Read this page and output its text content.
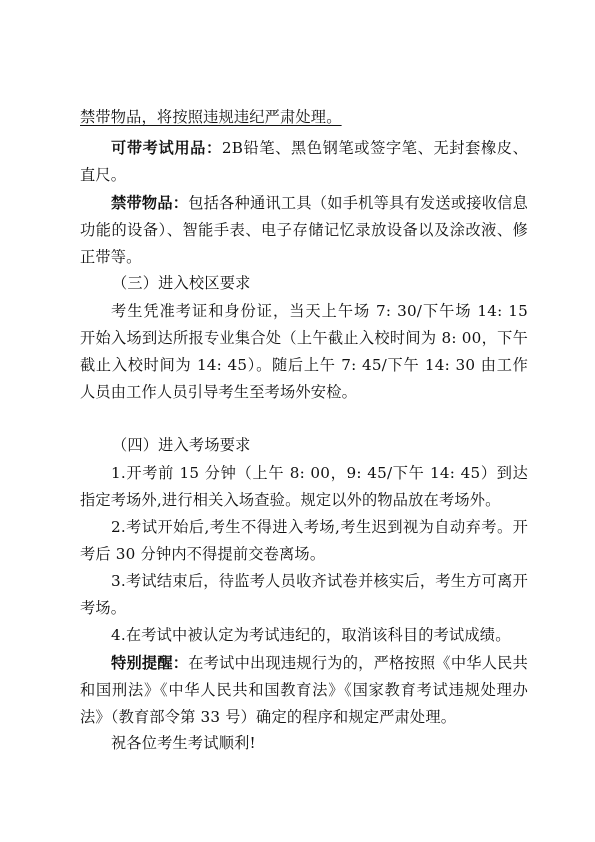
禁带物品，将按照违规违纪严肃处理。

可带考试用品：2B铅笔、黑色钢笔或签字笔、无封套橡皮、直尺。

禁带物品：包括各种通讯工具（如手机等具有发送或接收信息功能的设备）、智能手表、电子存储记忆录放设备以及涂改液、修正带等。

（三）进入校区要求

考生凭准考证和身份证，当天上午场 7: 30/下午场 14: 15 开始入场到达所报专业集合处（上午截止入校时间为 8: 00，下午截止入校时间为 14: 45）。随后上午 7: 45/下午 14: 30 由工作人员由工作人员引导考生至考场外安检。

（四）进入考场要求

1.开考前 15 分钟（上午 8: 00，9: 45/下午 14: 45）到达指定考场外,进行相关入场查验。规定以外的物品放在考场外。

2.考试开始后,考生不得进入考场,考生迟到视为自动弃考。开考后 30 分钟内不得提前交卷离场。

3.考试结束后，待监考人员收齐试卷并核实后，考生方可离开考场。

4.在考试中被认定为考试违纪的，取消该科目的考试成绩。

特别提醒：在考试中出现违规行为的，严格按照《中华人民共和国刑法》《中华人民共和国教育法》《国家教育考试违规处理办法》（教育部令第 33 号）确定的程序和规定严肃处理。

祝各位考生考试顺利!
